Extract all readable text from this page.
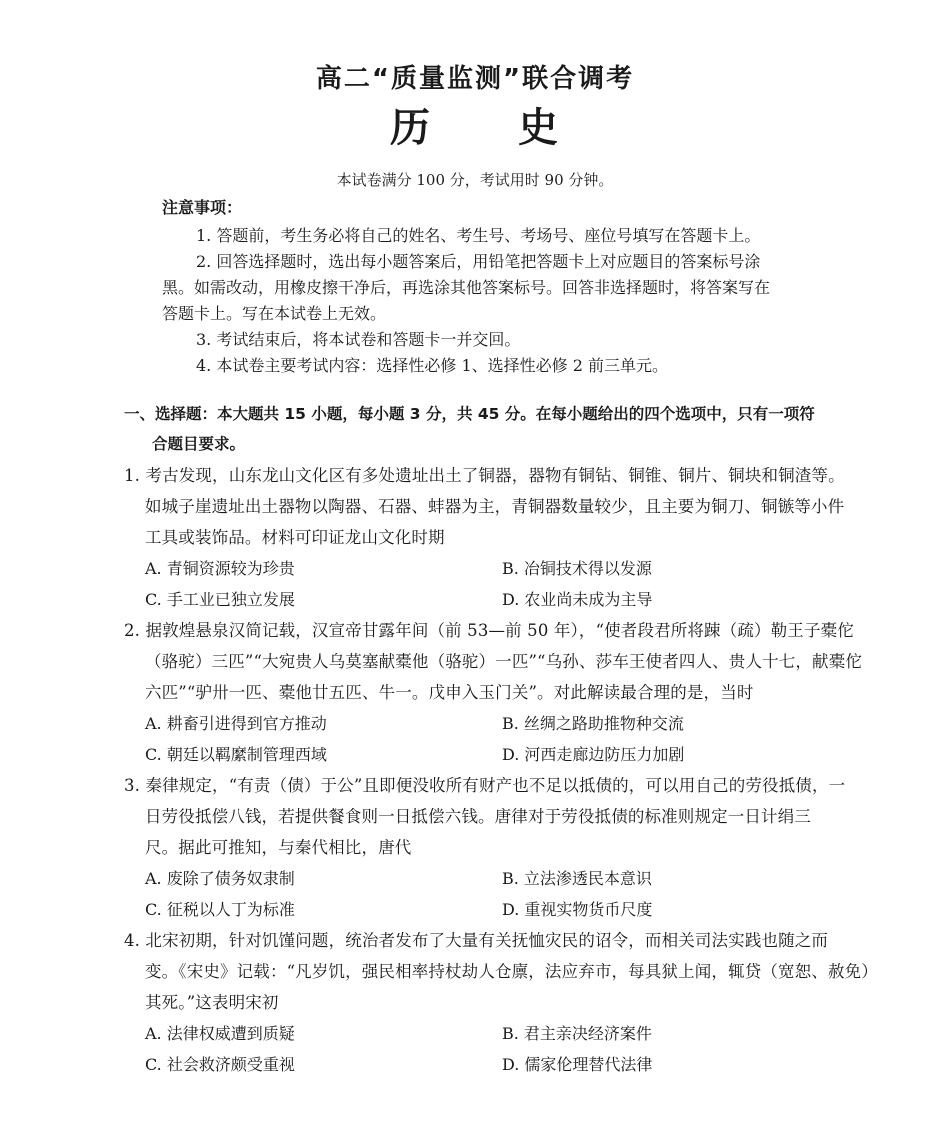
高二“质量监测”联合调考
历 史
本试卷满分 100 分，考试用时 90 分钟。
注意事项：
1. 答题前，考生务必将自己的姓名、考生号、考场号、座位号填写在答题卡上。
2. 回答选择题时，选出每小题答案后，用铅笔把答题卡上对应题目的答案标号涂
黑。如需改动，用橡皮擦干净后，再选涂其他答案标号。回答非选择题时，将答案写在
答题卡上。写在本试卷上无效。
3. 考试结束后，将本试卷和答题卡一并交回。
4. 本试卷主要考试内容：选择性必修 1、选择性必修 2 前三单元。
一、选择题：本大题共 15 小题，每小题 3 分，共 45 分。在每小题给出的四个选项中，只有一项符
合题目要求。
1. 考古发现，山东龙山文化区有多处遗址出土了铜器，器物有铜钻、铜锥、铜片、铜块和铜渣等。
如城子崖遗址出土器物以陶器、石器、蚌器为主，青铜器数量较少，且主要为铜刀、铜镞等小件
工具或装饰品。材料可印证龙山文化时期
A. 青铜资源较为珍贵	B. 冶铜技术得以发源
C. 手工业已独立发展	D. 农业尚未成为主导
2. 据敦煌悬泉汉简记载，汉宣帝甘露年间（前 53—前 50 年），“使者段君所将踈（疏）勒王子橐佗
（骆驼）三匹”“大宛贵人乌莫塞献橐他（骆驼）一匹”“乌孙、莎车王使者四人、贵人十七，献橐佗
六匹”“驴卅一匹、橐他廿五匹、牛一。戊申入玉门关”。对此解读最合理的是，当时
A. 耕畜引进得到官方推动	B. 丝绸之路助推物种交流
C. 朝廷以羁縻制管理西域	D. 河西走廊边防压力加剧
3. 秦律规定，“有责（债）于公”且即便没收所有财产也不足以抵债的，可以用自己的劳役抵债，一
日劳役抵偿八钱，若提供餐食则一日抵偿六钱。唐律对于劳役抵债的标准则规定一日计绢三
尺。据此可推知，与秦代相比，唐代
A. 废除了债务奴隶制	B. 立法渗透民本意识
C. 征税以人丁为标准	D. 重视实物货币尺度
4. 北宋初期，针对饥馑问题，统治者发布了大量有关抚恤灾民的诏令，而相关司法实践也随之而
变。《宋史》记载：“凡岁饥，强民相率持杖劫人仓廪，法应弃市，每具狱上闻，辄贷（宽恕、赦免）
其死。”这表明宋初
A. 法律权威遭到质疑	B. 君主亲决经济案件
C. 社会救济颇受重视	D. 儒家伦理替代法律
